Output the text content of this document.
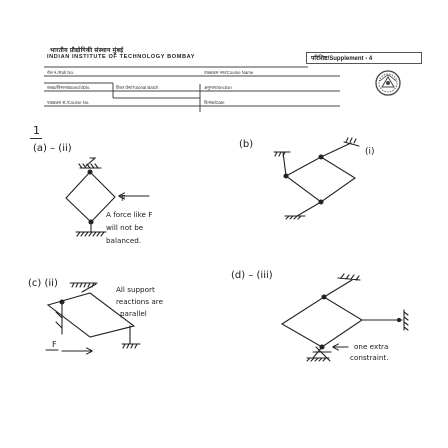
भारतीय प्रौद्योगिकी संस्थान मुंबई
INDIAN INSTITUTE OF TECHNOLOGY BOMBAY	परिशिष्ट/Supplement - 4
रोल नं./Roll No.	पाठ्यक्रम नाम/Course Name
शाखा/विभाग/Branch/Div.	टिकर प्रेस/Tutorial Batch	अनुभाग/Section
पाठ्यक्रम सं./Course No.	दिनांक/Date
1
(a) – (ii)
F
A force like F
will not be
balanced.
(b)
(i)
(c) (ii)
F
All support
reactions are
parallel
(d) – (iii)
one extra
constraint.
